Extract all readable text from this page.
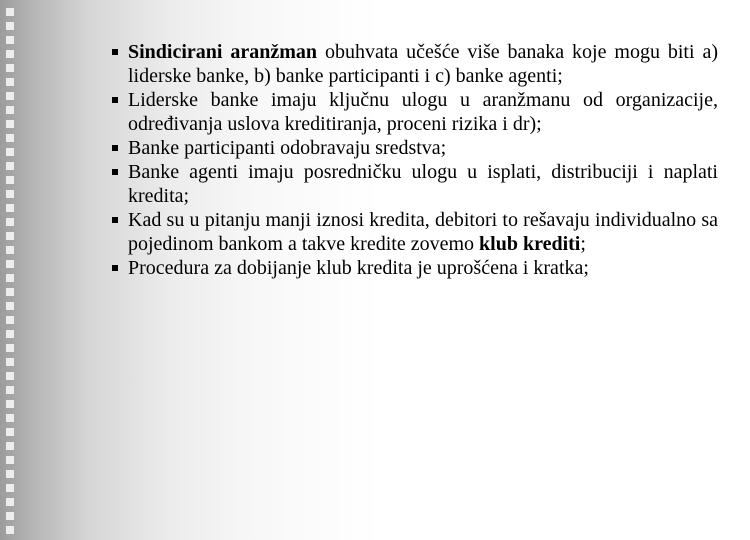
Sindicirani aranžman obuhvata učešće više banaka koje mogu biti a) liderske banke, b) banke participanti i c) banke agenti;
Liderske banke imaju ključnu ulogu u aranžmanu od organizacije, određivanja uslova kreditiranja, proceni rizika i dr);
Banke participanti odobravaju sredstva;
Banke agenti imaju posredničku ulogu u isplati, distribuciji i naplati kredita;
Kad su u pitanju manji iznosi kredita, debitori to rešavaju individualno sa pojedinom bankom a takve kredite zovemo klub krediti;
Procedura za dobijanje klub kredita je uprošćena i kratka;
